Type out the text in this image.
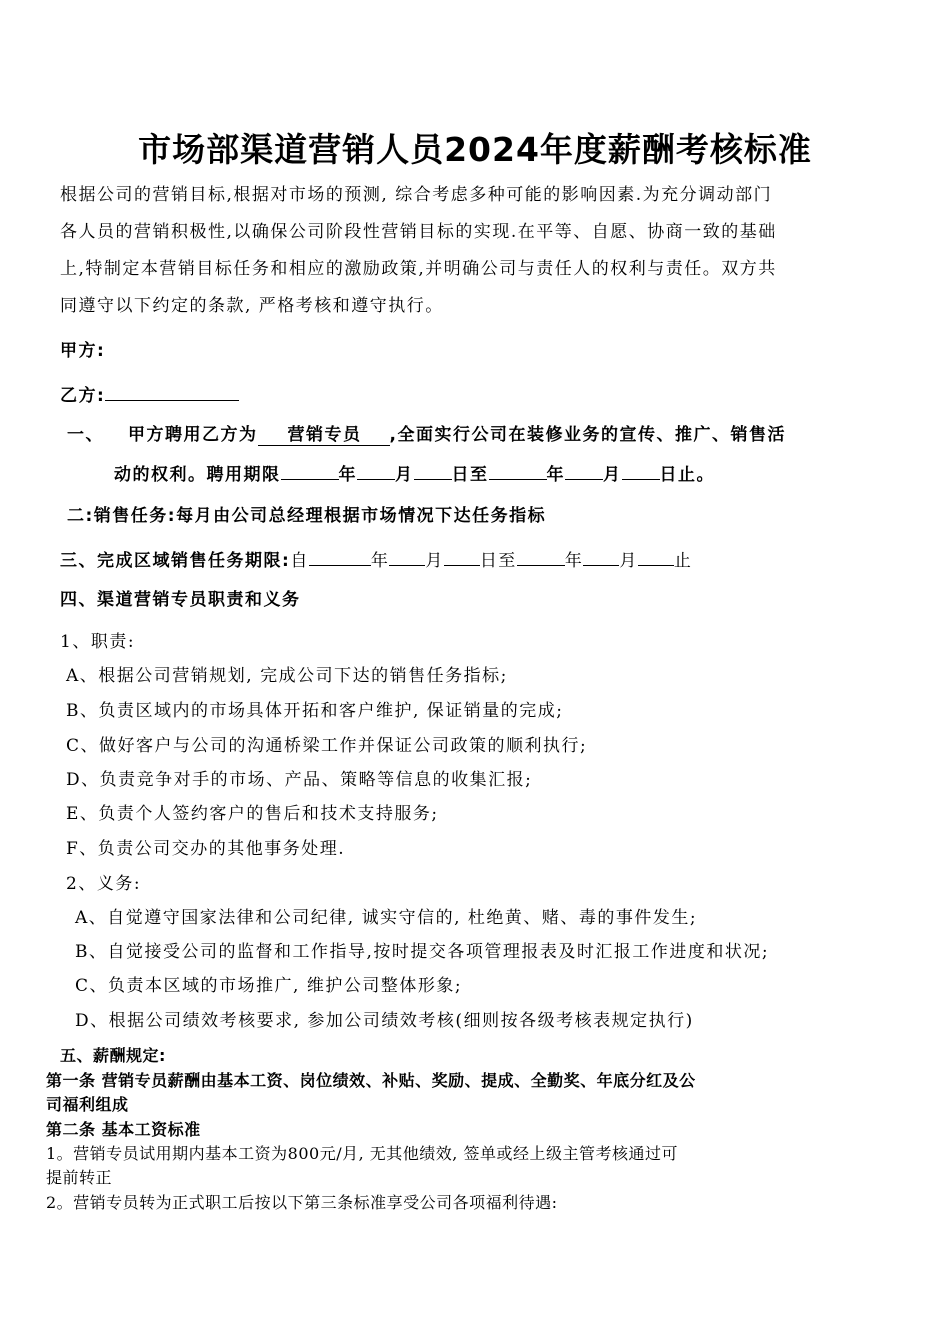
市场部渠道营销人员2024年度薪酬考核标准
根据公司的营销目标,根据对市场的预测, 综合考虑多种可能的影响因素.为充分调动部门
各人员的营销积极性,以确保公司阶段性营销目标的实现.在平等、自愿、协商一致的基础
上,特制定本营销目标任务和相应的激励政策,并明确公司与责任人的权利与责任。双方共
同遵守以下约定的条款, 严格考核和遵守执行。
甲方:
乙方:
一、 甲方聘用乙方为 营销专员 ,全面实行公司在装修业务的宣传、推广、销售活
动的权利。聘用期限	年 月 日至	年 月 日止。
二:销售任务:每月由公司总经理根据市场情况下达任务指标
三、完成区域销售任务期限:自	年 月 日至	年 月 止
四、渠道营销专员职责和义务
1、职责:
A、根据公司营销规划, 完成公司下达的销售任务指标;
B、负责区域内的市场具体开拓和客户维护, 保证销量的完成;
C、做好客户与公司的沟通桥梁工作并保证公司政策的顺利执行;
D、负责竞争对手的市场、产品、策略等信息的收集汇报;
E、负责个人签约客户的售后和技术支持服务;
F、负责公司交办的其他事务处理.
2、义务:
A、自觉遵守国家法律和公司纪律, 诚实守信的, 杜绝黄、赌、毒的事件发生;
B、自觉接受公司的监督和工作指导,按时提交各项管理报表及时汇报工作进度和状况;
C、负责本区域的市场推广, 维护公司整体形象;
D、根据公司绩效考核要求, 参加公司绩效考核(细则按各级考核表规定执行)
五、薪酬规定:
第一条 营销专员薪酬由基本工资、岗位绩效、补贴、奖励、提成、全勤奖、年底分红及公
司福利组成
第二条 基本工资标准
1。营销专员试用期内基本工资为800元/月, 无其他绩效, 签单或经上级主管考核通过可
提前转正
2。营销专员转为正式职工后按以下第三条标准享受公司各项福利待遇:
